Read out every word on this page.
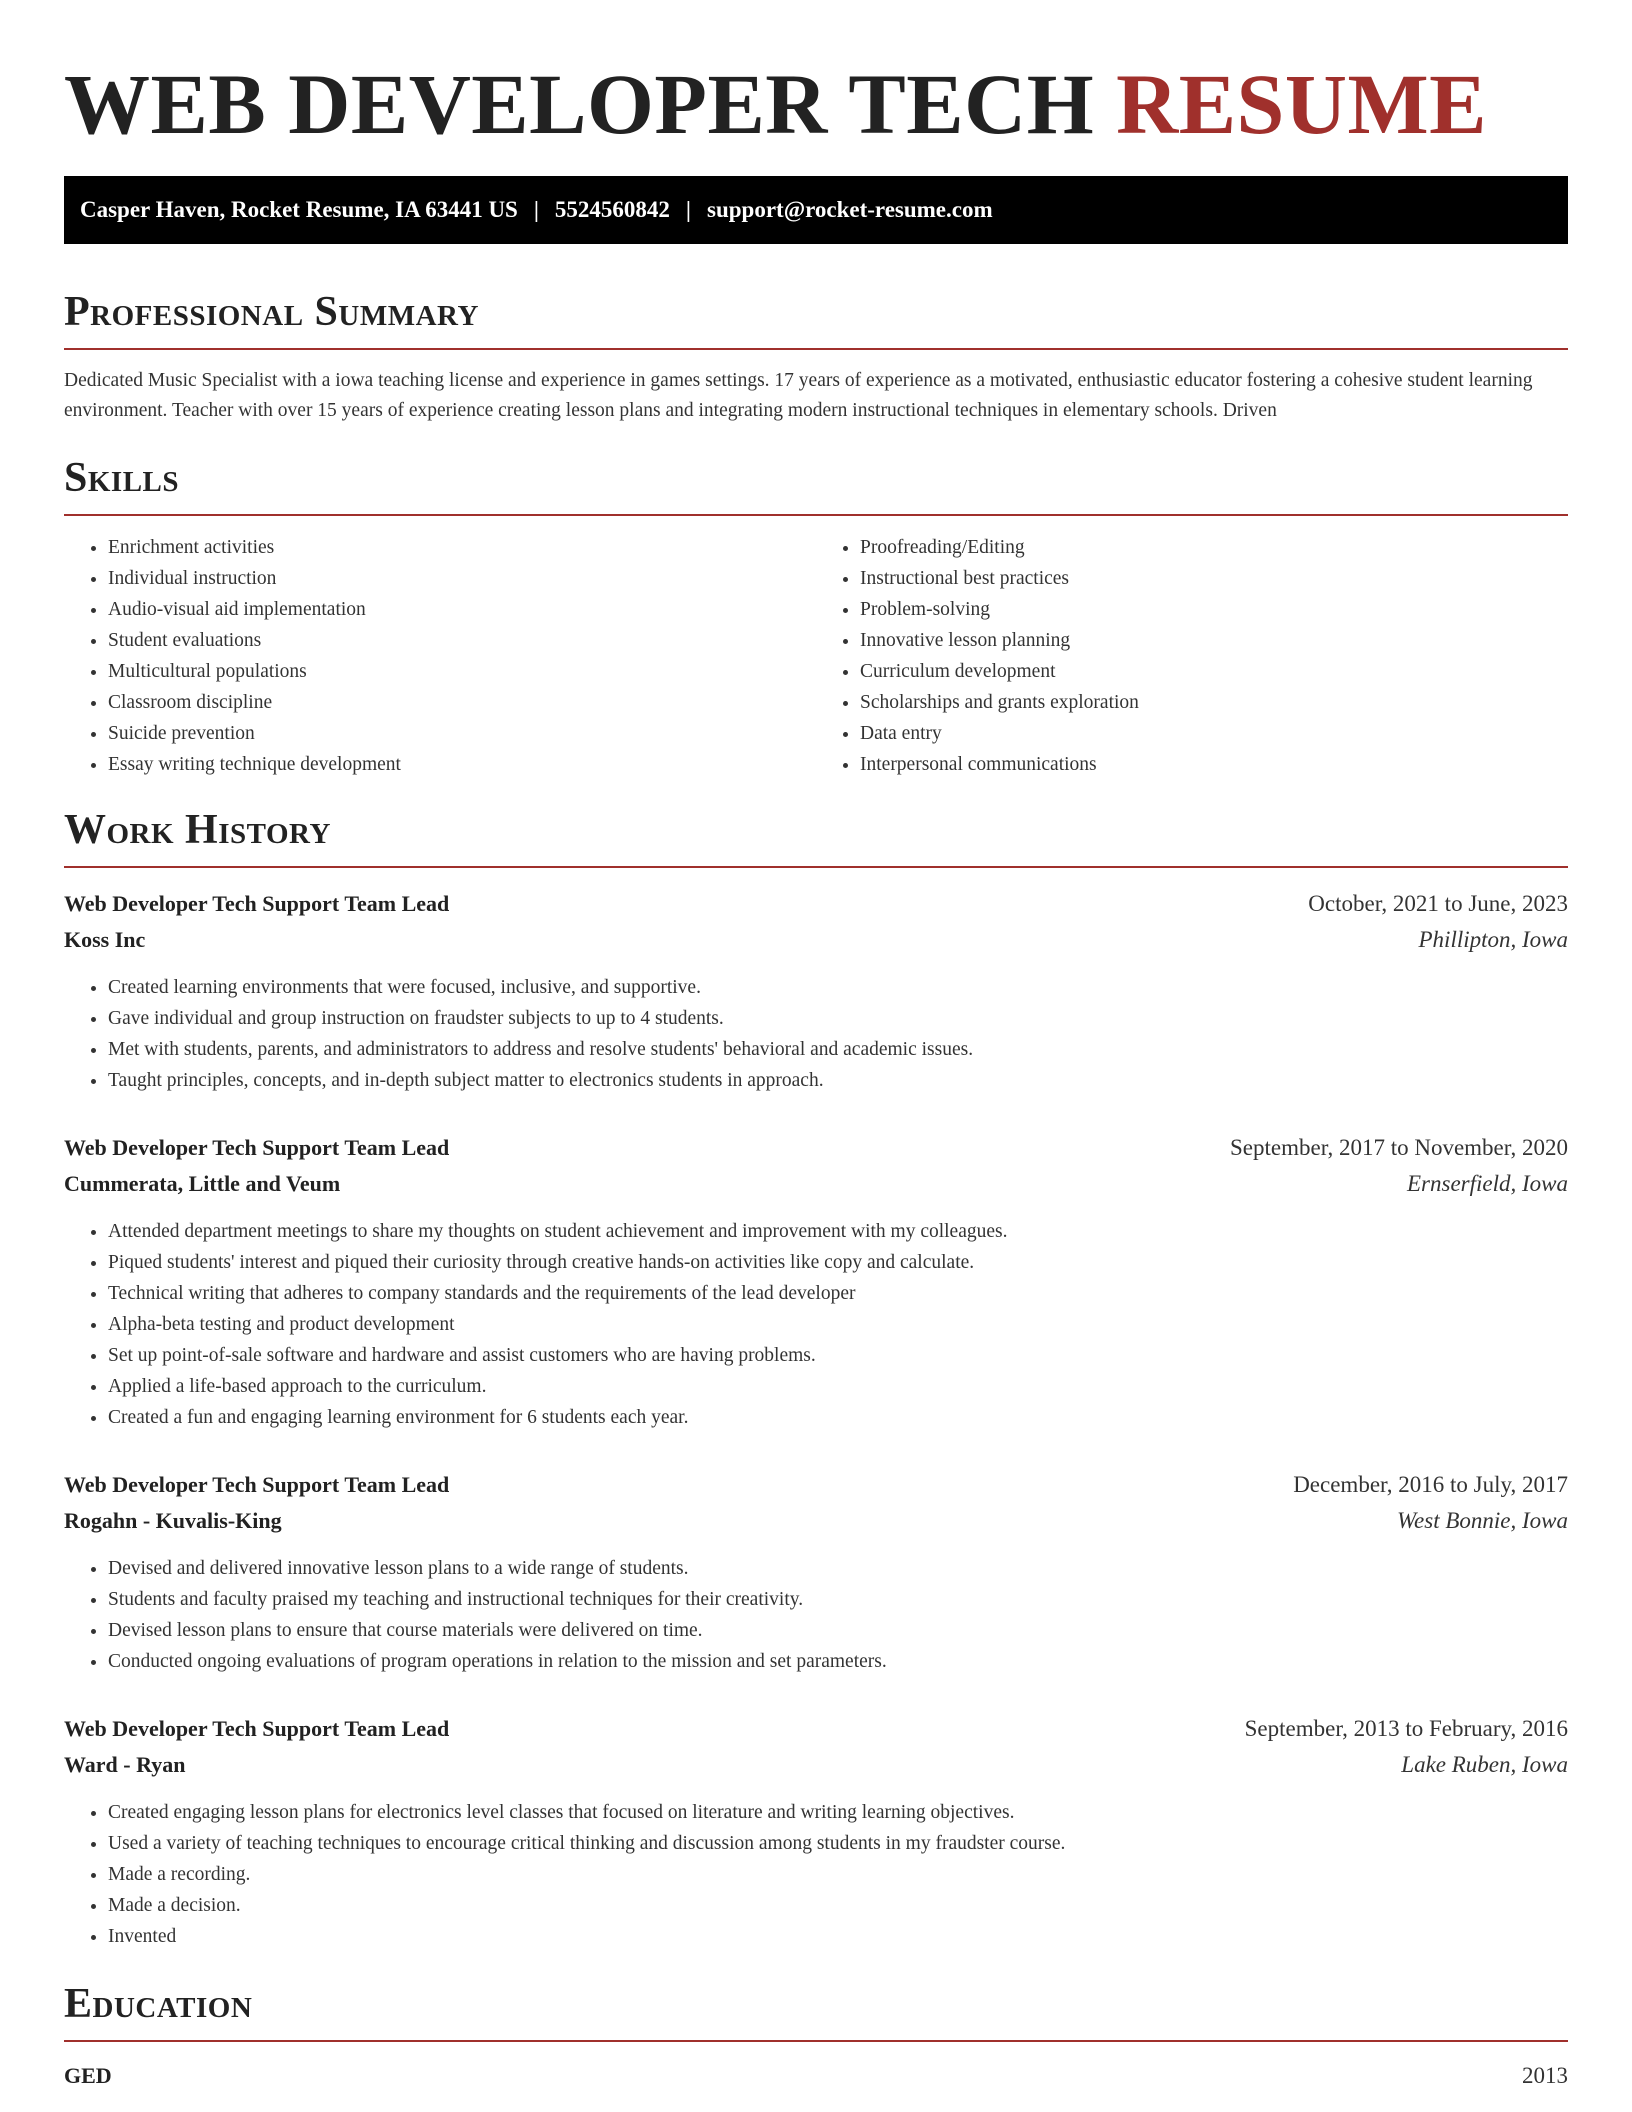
WEB DEVELOPER TECH RESUME
Casper Haven, Rocket Resume, IA 63441 US | 5524560842 | support@rocket-resume.com
Professional Summary

Dedicated Music Specialist with a iowa teaching license and experience in games settings. 17 years of experience as a motivated, enthusiastic educator fostering a cohesive student learning environment. Teacher with over 15 years of experience creating lesson plans and integrating modern instructional techniques in elementary schools. Driven

Skills
• Enrichment activities
• Individual instruction
• Audio-visual aid implementation
• Student evaluations
• Multicultural populations
• Classroom discipline
• Suicide prevention
• Essay writing technique development
• Proofreading/Editing
• Instructional best practices
• Problem-solving
• Innovative lesson planning
• Curriculum development
• Scholarships and grants exploration
• Data entry
• Interpersonal communications
Work History
Web Developer Tech Support Team Lead	October, 2021 to June, 2023
Koss Inc	Phillipton, Iowa
• Created learning environments that were focused, inclusive, and supportive.
• Gave individual and group instruction on fraudster subjects to up to 4 students.
• Met with students, parents, and administrators to address and resolve students' behavioral and academic issues.
• Taught principles, concepts, and in-depth subject matter to electronics students in approach.
Web Developer Tech Support Team Lead	September, 2017 to November, 2020
Cummerata, Little and Veum	Ernserfield, Iowa
• Attended department meetings to share my thoughts on student achievement and improvement with my colleagues.
• Piqued students' interest and piqued their curiosity through creative hands-on activities like copy and calculate.
• Technical writing that adheres to company standards and the requirements of the lead developer
• Alpha-beta testing and product development
• Set up point-of-sale software and hardware and assist customers who are having problems.
• Applied a life-based approach to the curriculum.
• Created a fun and engaging learning environment for 6 students each year.
Web Developer Tech Support Team Lead	December, 2016 to July, 2017
Rogahn - Kuvalis-King	West Bonnie, Iowa
• Devised and delivered innovative lesson plans to a wide range of students.
• Students and faculty praised my teaching and instructional techniques for their creativity.
• Devised lesson plans to ensure that course materials were delivered on time.
• Conducted ongoing evaluations of program operations in relation to the mission and set parameters.
Web Developer Tech Support Team Lead	September, 2013 to February, 2016
Ward - Ryan	Lake Ruben, Iowa
• Created engaging lesson plans for electronics level classes that focused on literature and writing learning objectives.
• Used a variety of teaching techniques to encourage critical thinking and discussion among students in my fraudster course.
• Made a recording.
• Made a decision.
• Invented
Education
GED	2013
